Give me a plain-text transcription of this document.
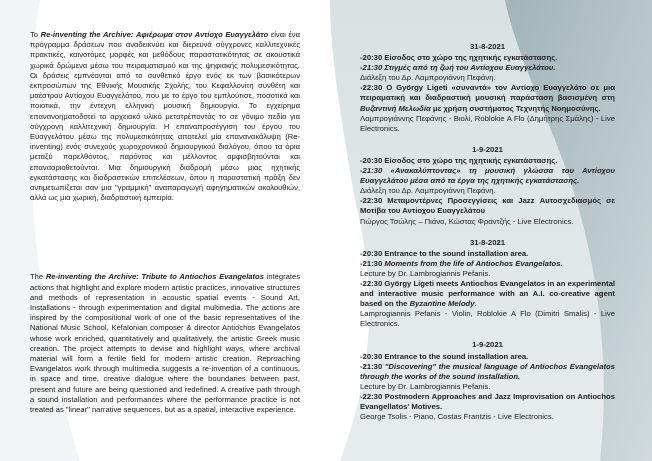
Το Re-inventing the Archive: Αφιέρωμα στον Αντίοχο Ευαγγελάτο είναι ένα πρόγραμμα δράσεων που αναδεικνύει και διερευνά σύγχρονες καλλιτεχνικές πρακτικές, καινοτόμες μορφές και μεθόδους παραστατικότητας σε ακουστικά χωρικά δρώμενα μέσω του πειραματισμού και της ψηφιακής πολυμεσικότητας. Οι δράσεις εμπνέονται από το συνθετικό έργο ενός εκ των βασικότερων εκπροσώπων της Εθνικής Μουσικής Σχολής, του Κεφαλλονίτη συνθέτη και μαέστρου Αντίοχου Ευαγγελάτου, που με το έργο του εμπλούτισε, ποσοτικά και ποιοτικά, την έντεχνη ελληνική μουσική δημιουργία. Το εγχείρημα επανανοηματοδοτεί το αρχειακό υλικό μετατρέποντάς το σε γόνιμο πεδίο για σύγχρονη καλλιτεχνική δημιουργία. Η επαναπροσέγγιση του έργου του Ευαγγελάτου μέσω της πολυμεσικότητας αποτελεί μία επανανακάλυψη (Re-inventing) ενός συνεχούς χωροχρονικού δημιουργικού διαλόγου, όπου τα όρια μεταξύ παρελθόντος, παρόντος και μέλλοντος αμφισβητούνται και επαναοριοθετούνται. Μια δημιουργική διαδρομή μέσω μιας ηχητικής εγκατάστασης και διαδραστικών επιτελέσεων, όπου η παραστατική πράξη δεν αντιμετωπίζεται σαν μια "γραμμική" αναπαραγωγή αφηγηματικών ακολουθιών, αλλά ως μια χωρική, διαδραστική εμπειρία.

The Re-inventing the Archive: Tribute to Antiochos Evangelatos integrates actions that highlight and explore modern artistic practices, innovative structures and methods of representation in acoustic spatial events - Sound Art, Installations - through experimentation and digital multimedia. The actions are inspired by the compositional work of one of the basic representatives of the National Music School, Kefalonian composer & director Antiochos Evangelatos whose work enriched, quantitatively and qualitatively, the artistic Greek music creation. The project attempts to devise and highlight ways, where archival material will form a fertile field for modern artistic creation. Reproaching Evangelatos work through multimedia suggests a re-invention of a continuous, in space and time, creative dialogue where the boundaries between past, present and future are being questioned and redefined. A creative path through a sound installation and performances where the performance practice is not treated as "linear" narrative sequences, but as a spatial, interactive experience.

31-8-2021

-20:30 Είσοδος στο χώρο της ηχητικής εγκατάστασης.

-21:30 Στιγμές από τη ζωή του Αντίοχου Ευαγγελάτου.

Διάλεξη του Δρ. Λαμπρογιάννη Πεφάνη.

-22:30 O György Ligeti «συναντά» τον Αντίοχο Ευαγγελάτο σε μια πειραματική και διαδραστική μουσική παράσταση βασισμένη στη Βυζαντινή Μελωδία με χρήση συστήματος Τεχνητής Νοημοσύνης.

Λαμπρογιάννης Πεφάνης - Βιολί, Roblokie A Flo (Δημήτρης Σμάλης) - Live Electronics.

1-9-2021

-20:30 Είσοδος στο χώρο της ηχητικής εγκατάστασης.

-21:30 «Ανακαλύπτοντας» τη μουσική γλώσσα του Αντίοχου Ευαγγελάτου μέσα από τα έργα της ηχητικής εγκατάστασης.

Διάλεξη του Δρ. Λαμπρογιάννη Πεφάνη.

-22:30 Μεταμοντέρνες Προσεγγίσεις και Jazz Αυτοσχεδιασμός σε Μοτίβα του Αντίοχου Ευαγγελάτου

Γιώργος Τσώλης – Πιάνο, Κώστας Φραντζής - Live Electronics.

31-8-2021

-20:30 Entrance to the sound installation area.

-21:30 Moments from the life of Antiochos Evangelatos.

Lecture by Dr. Lambrogiannis Pefanis.

-22:30 György Ligeti meets Antiochos Evangelatos in an experimental and interactive music performance with an A.I. co-creative agent based on the Byzantine Melody.

Lamprogiannis Pefanis - Violin, Roblokie A Flo (Dimitri Smalis) - Live Electronics.

1-9-2021

-20:30 Entrance to the sound installation area.

-21:30 "Discovering" the musical language of Antiochos Evangelatos through the works of the sound installation.

Lecture by Dr. Lambrogiannis Pefanis.

-22:30 Postmodern Approaches and Jazz Improvisation on Antiochos Evangellatos' Motives.

George Tsolis - Piano, Costas Frantzis - Live Electronics.
